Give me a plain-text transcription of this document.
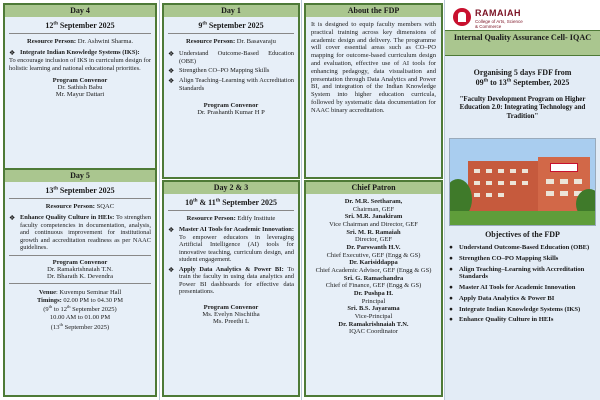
Day 4
12th September 2025
Resource Person: Dr. Ashwini Sharma.
❖ Integrate Indian Knowledge Systems (IKS):
To encourage inclusion of IKS in curriculum design for holistic learning and national educational priorities.
Program Convenor
Dr. Sathish Babu
Mr. Mayur Dattari
Day 5
13th September 2025
Resource Person: SQAC
❖ Enhance Quality Culture in HEIs: To strengthen faculty competencies in documentation, analysis, and continuous improvement for institutional growth and accreditation readiness as per NAAC guidelines.
Program Convenor
Dr. Ramakrishnaiah T.N.
Dr. Bharath K. Devendra
Venue: Kuvempu Seminar Hall
Timings: 02.00 PM to 04.30 PM
(9th to 12th September 2025)
10.00 AM to 01.00 PM
(13th September 2025)
Day 1
9th September 2025
Resource Person: Dr. Basavaraju
❖ Understand Outcome-Based Education (OBE)
❖ Strengthen CO–PO Mapping Skills
❖ Align Teaching–Learning with Accreditation Standards
Program Convenor
Dr. Prashanth Kumar H P
Day 2 & 3
10th & 11th September 2025
Resource Person: Edify Institute
❖ Master AI Tools for Academic Innovation: To empower educators in leveraging Artificial Intelligence (AI) tools for innovative teaching, curriculum design, and student engagement.
❖ Apply Data Analytics & Power BI: To train the faculty in using data analytics and Power BI dashboards for effective data presentations.
Program Convenor
Ms. Evelyn Nischitha
Ms. Preethi L
About the FDP
It is designed to equip faculty members with practical training across key dimensions of academic design and delivery. The programme will cover essential areas such as CO–PO mapping for outcome-based curriculum design and evaluation, effective use of AI tools for enhancing pedagogy, data visualisation and presentation through Data Analytics and Power BI, and integration of the Indian Knowledge System into higher education curricula, followed by systematic data documentation for NAAC binary accreditation.
Chief Patron
Dr. M.R. Seetharam,
Chairman, GEF
Sri. M.R. Janakiram
Vice Chairman and Director, GEF
Sri. M. R. Ramaiah
Director, GEF
Dr. Parswanth H.V.
Chief Executive, GEF (Engg & GS)
Dr. Karisiddappa
Chief Academic Advisor, GEF (Engg & GS)
Sri. G. Ramachandra
Chief of Finance, GEF (Engg & GS)
Dr. Pushpa H.
Principal
Sri. B.S. Jayarama
Vice-Principal
Dr. Ramakrishnaiah T.N.
IQAC Coordinator
RAMAIAH
College of Arts, Science
& Commerce
Internal Quality Assurance Cell- IQAC
Organising 5 days FDF from
09th to 13th September, 2025
"Faculty Development Program on Higher Education 2.0: Integrating Technology and Tradition"
Objectives of the FDP
● Understand Outcome-Based Education (OBE)
● Strengthen CO–PO Mapping Skills
● Align Teaching–Learning with Accreditation Standards
● Master AI Tools for Academic Innovation
● Apply Data Analytics & Power BI
● Integrate Indian Knowledge Systems (IKS)
● Enhance Quality Culture in HEIs
